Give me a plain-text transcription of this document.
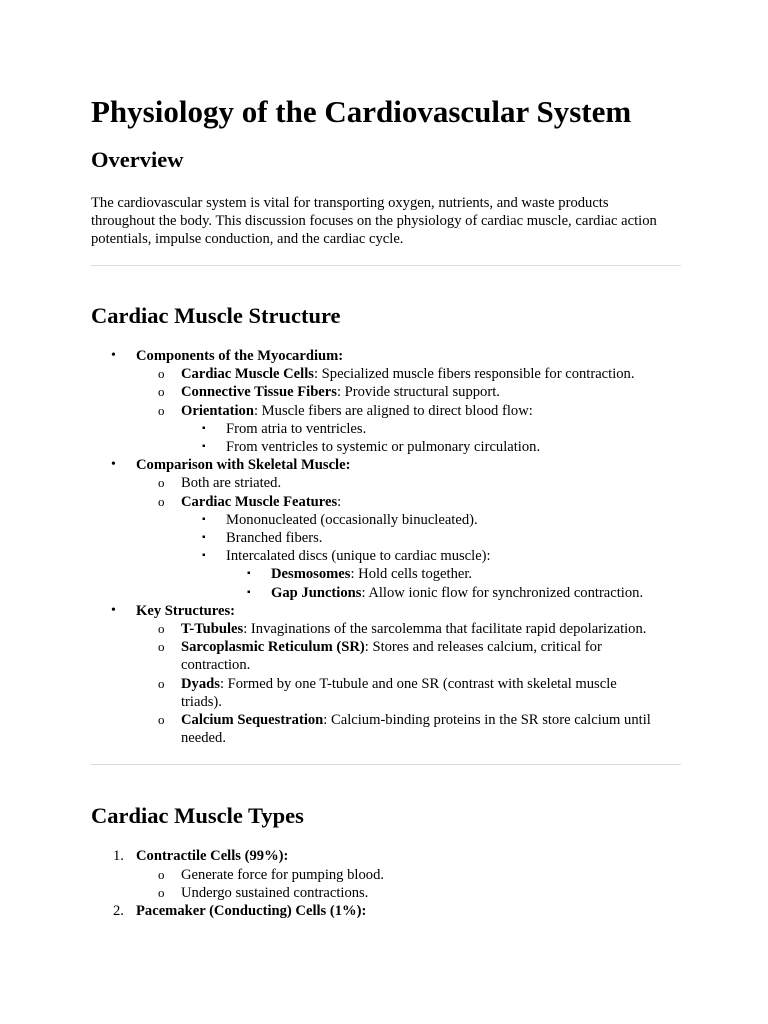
Physiology of the Cardiovascular System
Overview

The cardiovascular system is vital for transporting oxygen, nutrients, and waste products
throughout the body. This discussion focuses on the physiology of cardiac muscle, cardiac action
potentials, impulse conduction, and the cardiac cycle.

Cardiac Muscle Structure
• Components of the Myocardium:
o Cardiac Muscle Cells: Specialized muscle fibers responsible for contraction.
o Connective Tissue Fibers: Provide structural support.
o Orientation: Muscle fibers are aligned to direct blood flow:
▪ From atria to ventricles.
▪ From ventricles to systemic or pulmonary circulation.
• Comparison with Skeletal Muscle:
o Both are striated.
o Cardiac Muscle Features:
▪ Mononucleated (occasionally binucleated).
▪ Branched fibers.
▪ Intercalated discs (unique to cardiac muscle):
▪ Desmosomes: Hold cells together.
▪ Gap Junctions: Allow ionic flow for synchronized contraction.
• Key Structures:
o T-Tubules: Invaginations of the sarcolemma that facilitate rapid depolarization.
o Sarcoplasmic Reticulum (SR): Stores and releases calcium, critical for
contraction.
o Dyads: Formed by one T-tubule and one SR (contrast with skeletal muscle
triads).
o Calcium Sequestration: Calcium-binding proteins in the SR store calcium until
needed.
Cardiac Muscle Types
1. Contractile Cells (99%):
o Generate force for pumping blood.
o Undergo sustained contractions.
2. Pacemaker (Conducting) Cells (1%):
